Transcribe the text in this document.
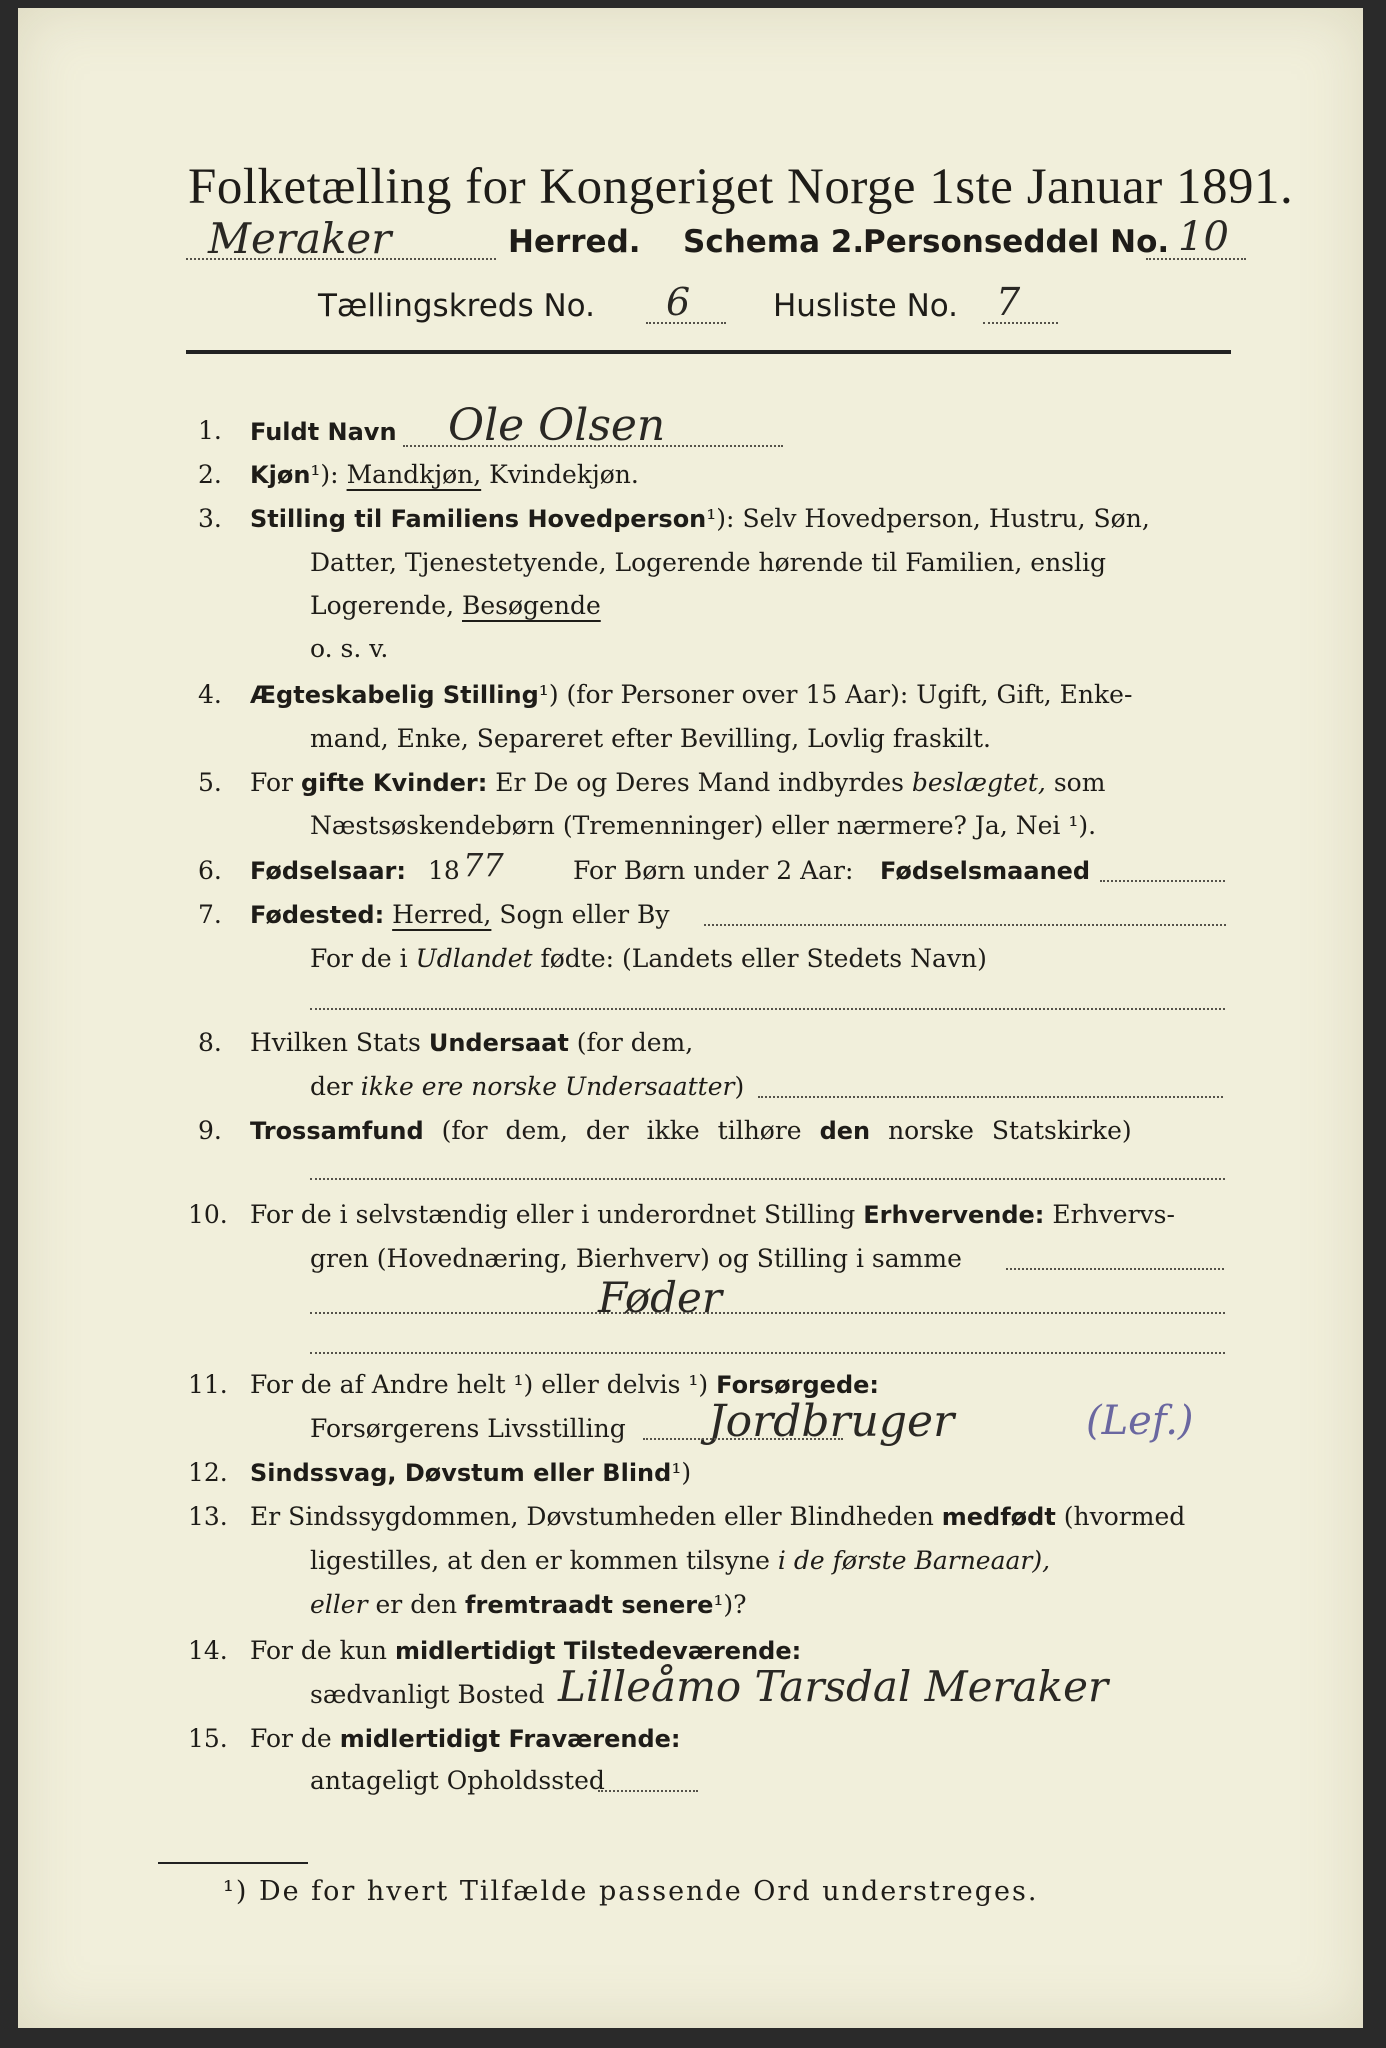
Folketælling for Kongeriget Norge 1ste Januar 1891.
Meraker	Herred. Schema 2.
Personseddel No. 10
Tællingskreds No. 6	Husliste No. 7
1. Fuldt Navn Ole Olsen
2. Kjøn¹): Mandkjøn, Kvindekjøn.
3. Stilling til Familiens Hovedperson¹): Selv Hovedperson, Hustru, Søn,
Datter, Tjenestetyende, Logerende hørende til Familien, enslig
Logerende, Besøgende
o. s. v.
4. Ægteskabelig Stilling¹) (for Personer over 15 Aar): Ugift, Gift, Enke-
mand, Enke, Separeret efter Bevilling, Lovlig fraskilt.
5. For gifte Kvinder: Er De og Deres Mand indbyrdes beslægtet, som
Næstsøskendebørn (Tremenninger) eller nærmere? Ja, Nei ¹).
6. Fødselsaar: 18 77	For Børn under 2 Aar: Fødselsmaaned
7. Fødested: Herred, Sogn eller By
For de i Udlandet fødte: (Landets eller Stedets Navn)
8. Hvilken Stats Undersaat (for dem,
der ikke ere norske Undersaatter)
9. Trossamfund (for dem, der ikke tilhøre den norske Statskirke)
10. For de i selvstændig eller i underordnet Stilling Erhvervende: Erhvervs-
gren (Hovednæring, Bierhverv) og Stilling i samme
Føder
11. For de af Andre helt ¹) eller delvis ¹) Forsørgede:
Forsørgerens Livsstilling Jordbruger	(Lef.)
12. Sindssvag, Døvstum eller Blind¹)
13. Er Sindssygdommen, Døvstumheden eller Blindheden medfødt (hvormed
ligestilles, at den er kommen tilsyne i de første Barneaar),
eller er den fremtraadt senere¹)?
14. For de kun midlertidigt Tilstedeværende:
sædvanligt Bosted Lilleåmo Tarsdal Meraker
15. For de midlertidigt Fraværende:
antageligt Opholdssted
¹) De for hvert Tilfælde passende Ord understreges.
